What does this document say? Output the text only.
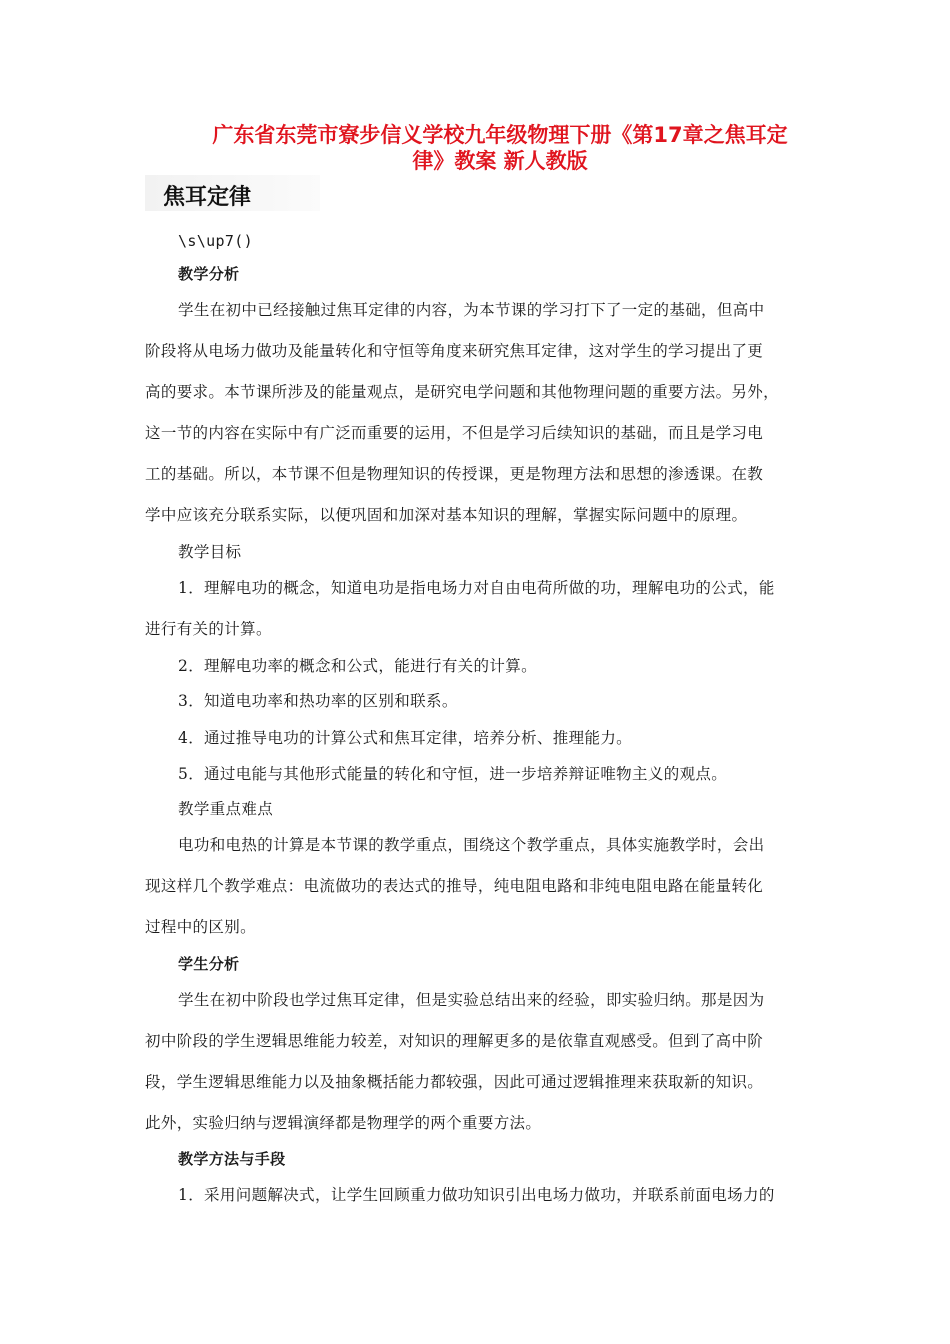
广东省东莞市寮步信义学校九年级物理下册《第17章之焦耳定
律》教案 新人教版
焦耳定律
\s\up7()
教学分析
学生在初中已经接触过焦耳定律的内容，为本节课的学习打下了一定的基础，但高中
阶段将从电场力做功及能量转化和守恒等角度来研究焦耳定律，这对学生的学习提出了更
高的要求。本节课所涉及的能量观点，是研究电学问题和其他物理问题的重要方法。另外，
这一节的内容在实际中有广泛而重要的运用，不但是学习后续知识的基础，而且是学习电
工的基础。所以，本节课不但是物理知识的传授课，更是物理方法和思想的渗透课。在教
学中应该充分联系实际，以便巩固和加深对基本知识的理解，掌握实际问题中的原理。
教学目标
1．理解电功的概念，知道电功是指电场力对自由电荷所做的功，理解电功的公式，能
进行有关的计算。
2．理解电功率的概念和公式，能进行有关的计算。
3．知道电功率和热功率的区别和联系。
4．通过推导电功的计算公式和焦耳定律，培养分析、推理能力。
5．通过电能与其他形式能量的转化和守恒，进一步培养辩证唯物主义的观点。
教学重点难点
电功和电热的计算是本节课的教学重点，围绕这个教学重点，具体实施教学时，会出
现这样几个教学难点：电流做功的表达式的推导，纯电阻电路和非纯电阻电路在能量转化
过程中的区别。
学生分析
学生在初中阶段也学过焦耳定律，但是实验总结出来的经验，即实验归纳。那是因为
初中阶段的学生逻辑思维能力较差，对知识的理解更多的是依靠直观感受。但到了高中阶
段，学生逻辑思维能力以及抽象概括能力都较强，因此可通过逻辑推理来获取新的知识。
此外，实验归纳与逻辑演绎都是物理学的两个重要方法。
教学方法与手段
1．采用问题解决式，让学生回顾重力做功知识引出电场力做功，并联系前面电场力的
